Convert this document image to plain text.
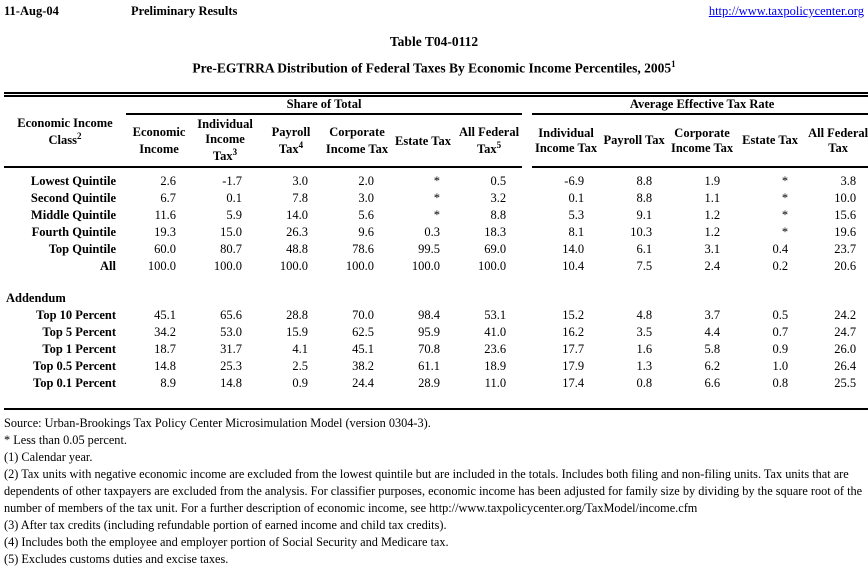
11-Aug-04	Preliminary Results	http://www.taxpolicycenter.org
Table T04-0112
Pre-EGTRRA Distribution of Federal Taxes By Economic Income Percentiles, 2005$^1$
Economic Income Class$^2$	Share of Total							Average Effective Tax Rate				
	Economic Income	Individual Income Tax$^3$	Payroll Tax$^4$	Corporate Income Tax	Estate Tax	All Federal Tax$^5$		Individual Income Tax	Payroll Tax	Corporate Income Tax	Estate Tax	All Federal Tax

Lowest Quintile	2.6	-1.7	3.0	2.0	*	0.5		-6.9	8.8	1.9	*	3.8
Second Quintile	6.7	0.1	7.8	3.0	*	3.2		0.1	8.8	1.1	*	10.0
Middle Quintile	11.6	5.9	14.0	5.6	*	8.8		5.3	9.1	1.2	*	15.6
Fourth Quintile	19.3	15.0	26.3	9.6	0.3	18.3		8.1	10.3	1.2	*	19.6
Top Quintile	60.0	80.7	48.8	78.6	99.5	69.0		14.0	6.1	3.1	0.4	23.7
All	100.0	100.0	100.0	100.0	100.0	100.0		10.4	7.5	2.4	0.2	20.6

Addendum												
Top 10 Percent	45.1	65.6	28.8	70.0	98.4	53.1		15.2	4.8	3.7	0.5	24.2
Top 5 Percent	34.2	53.0	15.9	62.5	95.9	41.0		16.2	3.5	4.4	0.7	24.7
Top 1 Percent	18.7	31.7	4.1	45.1	70.8	23.6		17.7	1.6	5.8	0.9	26.0
Top 0.5 Percent	14.8	25.3	2.5	38.2	61.1	18.9		17.9	1.3	6.2	1.0	26.4
Top 0.1 Percent	8.9	14.8	0.9	24.4	28.9	11.0		17.4	0.8	6.6	0.8	25.5

Source: Urban-Brookings Tax Policy Center Microsimulation Model (version 0304-3).

* Less than 0.05 percent.

(1) Calendar year.

(2) Tax units with negative economic income are excluded from the lowest quintile but are included in the totals. Includes both filing and non-filing units. Tax units that are dependents of other taxpayers are excluded from the analysis. For classifier purposes, economic income has been adjusted for family size by dividing by the square root of the number of members of the tax unit. For a further description of economic income, see http://www.taxpolicycenter.org/TaxModel/income.cfm

(3) After tax credits (including refundable portion of earned income and child tax credits).

(4) Includes both the employee and employer portion of Social Security and Medicare tax.

(5) Excludes customs duties and excise taxes.
